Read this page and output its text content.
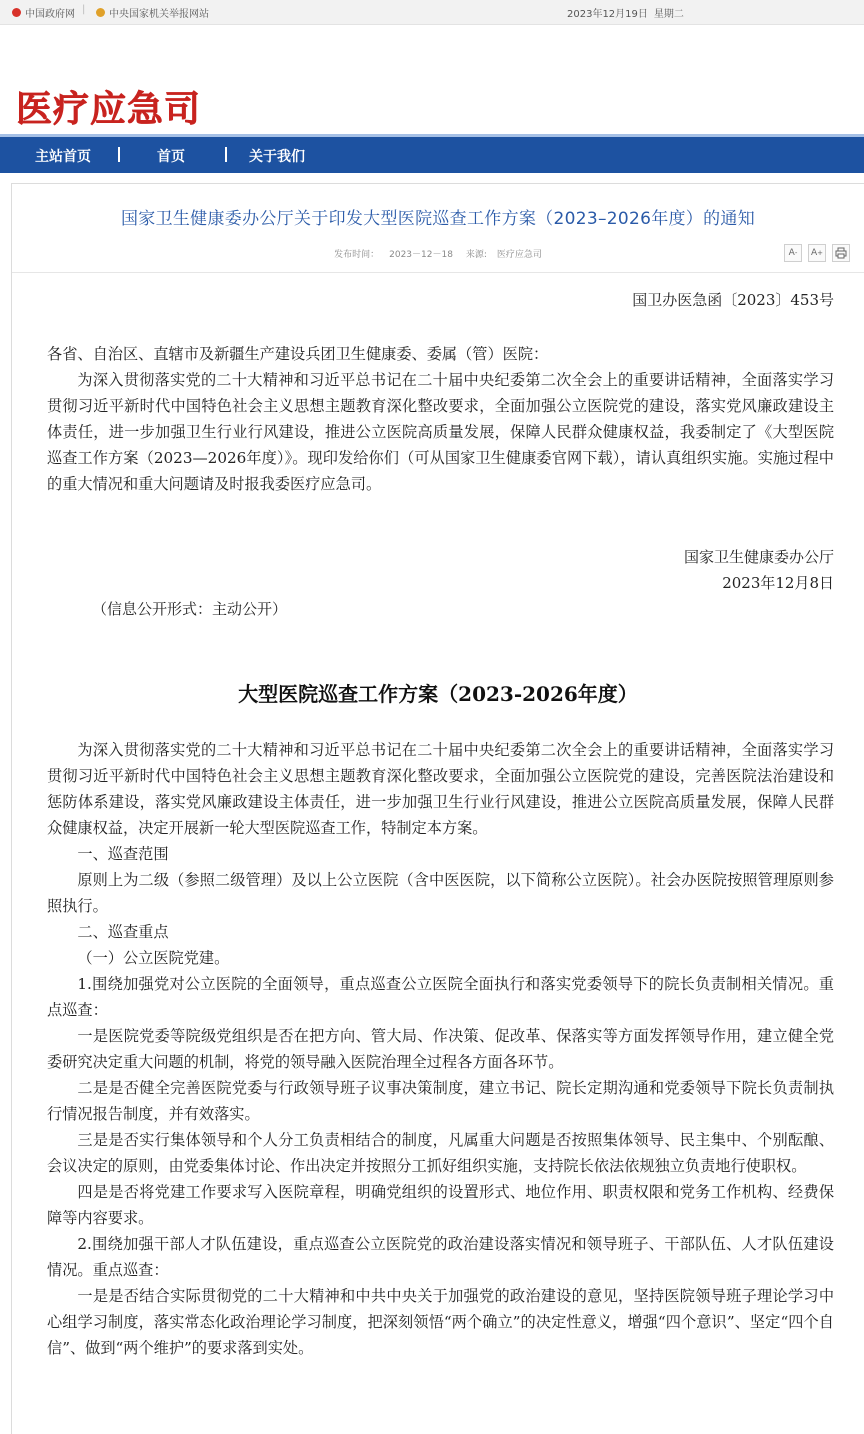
中国政府网 | 中央国家机关举报网站	2023年12月19日 星期二
医疗应急司
主站首页	首页	关于我们
国家卫生健康委办公厅关于印发大型医院巡查工作方案（2023–2026年度）的通知
发布时间： 2023－12－18 来源: 医疗应急司	A -	A +
国卫办医急函〔2023〕453号

各省、自治区、直辖市及新疆生产建设兵团卫生健康委、委属（管）医院：

为深入贯彻落实党的二十大精神和习近平总书记在二十届中央纪委第二次全会上的重要讲话精神，全面落实学习贯彻习近平新时代中国特色社会主义思想主题教育深化整改要求，全面加强公立医院党的建设，落实党风廉政建设主体责任，进一步加强卫生行业行风建设，推进公立医院高质量发展，保障人民群众健康权益，我委制定了《大型医院巡查工作方案（2023—2026年度）》。现印发给你们（可从国家卫生健康委官网下载），请认真组织实施。实施过程中的重大情况和重大问题请及时报我委医疗应急司。

国家卫生健康委办公厅
2023年12月8日
（信息公开形式：主动公开）
大型医院巡查工作方案（2023-2026年度）

为深入贯彻落实党的二十大精神和习近平总书记在二十届中央纪委第二次全会上的重要讲话精神，全面落实学习贯彻习近平新时代中国特色社会主义思想主题教育深化整改要求，全面加强公立医院党的建设，完善医院法治建设和惩防体系建设，落实党风廉政建设主体责任，进一步加强卫生行业行风建设，推进公立医院高质量发展，保障人民群众健康权益，决定开展新一轮大型医院巡查工作，特制定本方案。

一、巡查范围

原则上为二级（参照二级管理）及以上公立医院（含中医医院，以下简称公立医院）。社会办医院按照管理原则参照执行。

二、巡查重点

（一）公立医院党建。

1.围绕加强党对公立医院的全面领导，重点巡查公立医院全面执行和落实党委领导下的院长负责制相关情况。重点巡查：

一是医院党委等院级党组织是否在把方向、管大局、作决策、促改革、保落实等方面发挥领导作用，建立健全党委研究决定重大问题的机制，将党的领导融入医院治理全过程各方面各环节。

二是是否健全完善医院党委与行政领导班子议事决策制度，建立书记、院长定期沟通和党委领导下院长负责制执行情况报告制度，并有效落实。

三是是否实行集体领导和个人分工负责相结合的制度，凡属重大问题是否按照集体领导、民主集中、个别酝酿、会议决定的原则，由党委集体讨论、作出决定并按照分工抓好组织实施，支持院长依法依规独立负责地行使职权。

四是是否将党建工作要求写入医院章程，明确党组织的设置形式、地位作用、职责权限和党务工作机构、经费保障等内容要求。

2.围绕加强干部人才队伍建设，重点巡查公立医院党的政治建设落实情况和领导班子、干部队伍、人才队伍建设情况。重点巡查：

一是是否结合实际贯彻党的二十大精神和中共中央关于加强党的政治建设的意见，坚持医院领导班子理论学习中心组学习制度，落实常态化政治理论学习制度，把深刻领悟“两个确立”的决定性意义，增强“四个意识”、坚定“四个自信”、做到“两个维护”的要求落到实处。
